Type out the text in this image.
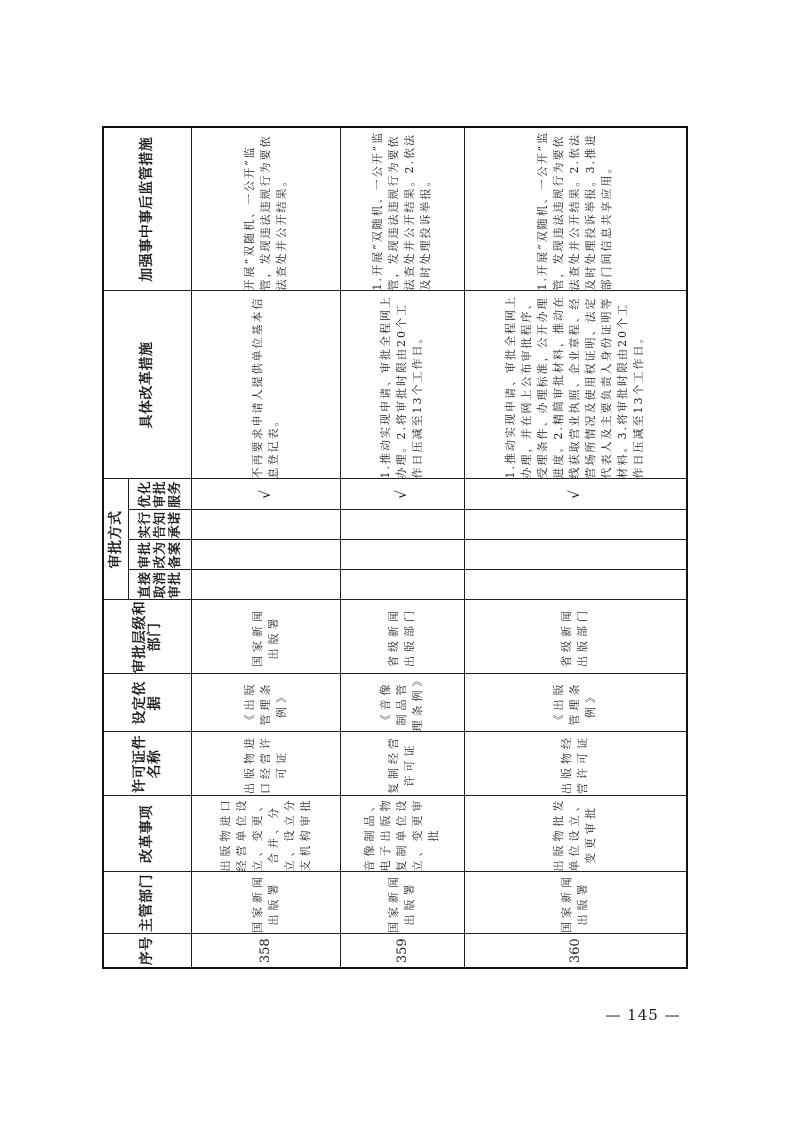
序号	主管部门	改革事项	许可证件名称	设定依据	审批层级和部门	审批方式				具体改革措施	加强事中事后监管措施
						直接取消审批	审批改为备案	实行告知承诺	优化审批服务		
358	国家新闻出版署	出版物进口经营单位设立、变更、合并、分立、设立分支机构审批	出版物进口经营许可证	《出版管理条例》	国家新闻出版署				√	不再要求申请人提供单位基本信息登记表。	开展“双随机、一公开”监管，发现违法违规行为要依法查处并公开结果。
359	国家新闻出版署	音像制品、电子出版物复制单位设立、变更审批	复制经营许可证	《音像制品管理条例》	省级新闻出版部门				√	1.推动实现申请、审批全程网上办理。2.将审批时限由20个工作日压减至13个工作日。	1.开展“双随机、一公开”监管，发现违法违规行为要依法查处并公开结果。2.依法及时处理投诉举报。
360	国家新闻出版署	出版物批发单位设立、变更审批	出版物经营许可证	《出版管理条例》	省级新闻出版部门				√	1.推动实现申请、审批全程网上办理，并在网上公布审批程序、受理条件、办理标准，公开办理进度。2.精简审批材料，推动在线获取营业执照、企业章程、经营场所情况及使用权证明、法定代表人及主要负责人身份证明等材料。3.将审批时限由20个工作日压减至13个工作日。	1.开展“双随机、一公开”监管，发现违法违规行为要依法查处并公开结果。2.依法及时处理投诉举报。3.推进部门间信息共享应用。
— 145 —
